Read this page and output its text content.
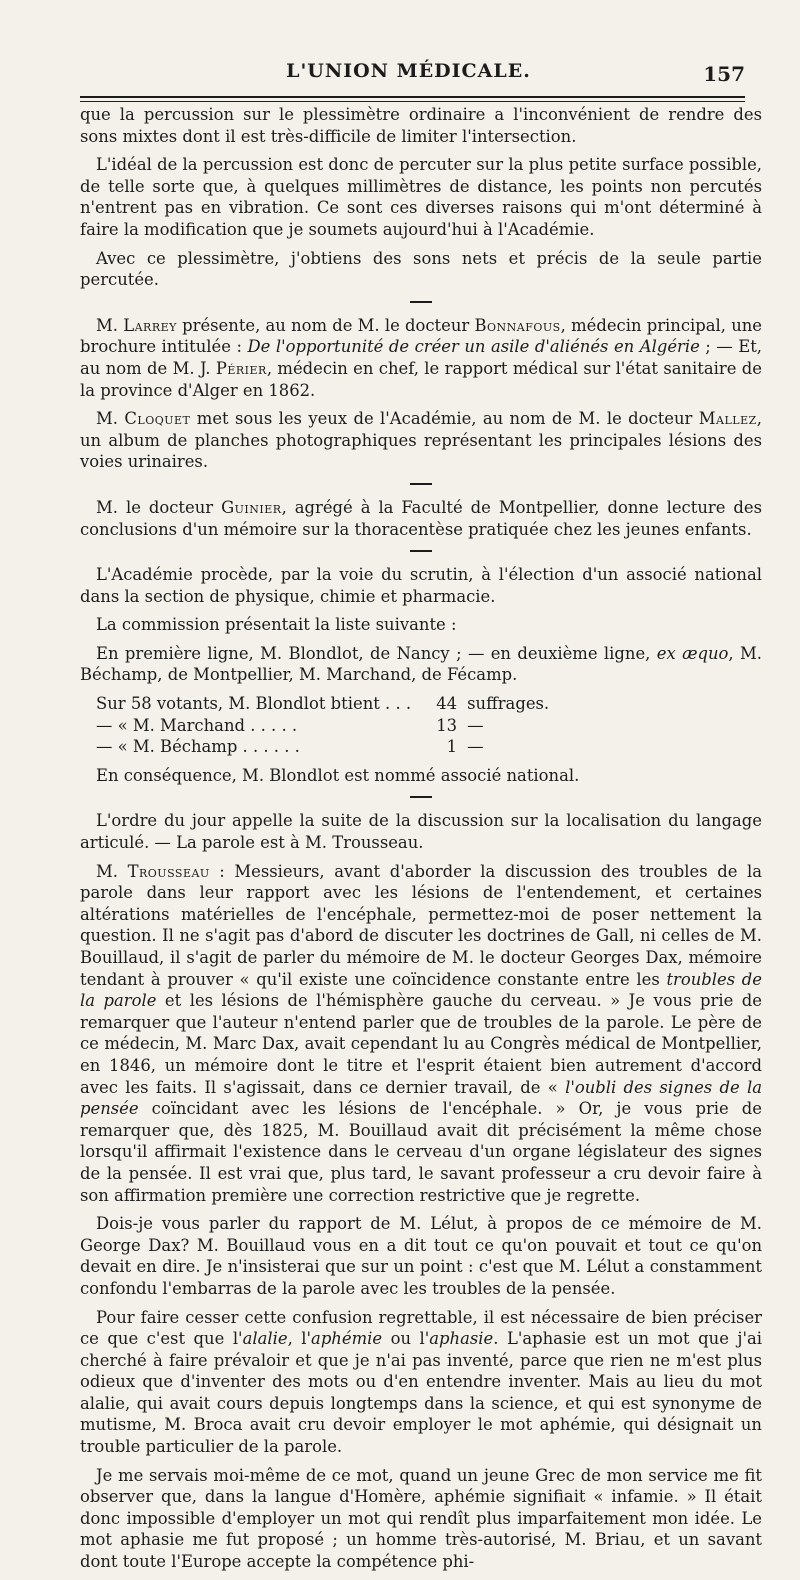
L'UNION MÉDICALE.	157

que la percussion sur le plessimètre ordinaire a l'inconvénient de rendre des sons mixtes dont il est très-difficile de limiter l'intersection.

L'idéal de la percussion est donc de percuter sur la plus petite surface possible, de telle sorte que, à quelques millimètres de distance, les points non percutés n'entrent pas en vibration. Ce sont ces diverses raisons qui m'ont déterminé à faire la modification que je soumets aujourd'hui à l'Académie.

Avec ce plessimètre, j'obtiens des sons nets et précis de la seule partie percutée.

M. Larrey présente, au nom de M. le docteur Bonnafous, médecin principal, une brochure intitulée : De l'opportunité de créer un asile d'aliénés en Algérie ; — Et, au nom de M. J. Périer, médecin en chef, le rapport médical sur l'état sanitaire de la province d'Alger en 1862.

M. Cloquet met sous les yeux de l'Académie, au nom de M. le docteur Mallez, un album de planches photographiques représentant les principales lésions des voies urinaires.

M. le docteur Guinier, agrégé à la Faculté de Montpellier, donne lecture des conclusions d'un mémoire sur la thoracentèse pratiquée chez les jeunes enfants.

L'Académie procède, par la voie du scrutin, à l'élection d'un associé national dans la section de physique, chimie et pharmacie.

La commission présentait la liste suivante :

En première ligne, M. Blondlot, de Nancy ; — en deuxième ligne, ex æquo, M. Béchamp, de Montpellier, M. Marchand, de Fécamp.

Sur 58 votants, M. Blondlot btient . . .	44	suffrages.
— « M. Marchand . . . . .	13	—
— « M. Béchamp . . . . . .	1	—

En conséquence, M. Blondlot est nommé associé national.

L'ordre du jour appelle la suite de la discussion sur la localisation du langage articulé. — La parole est à M. Trousseau.

M. Trousseau : Messieurs, avant d'aborder la discussion des troubles de la parole dans leur rapport avec les lésions de l'entendement, et certaines altérations matérielles de l'encéphale, permettez-moi de poser nettement la question. Il ne s'agit pas d'abord de discuter les doctrines de Gall, ni celles de M. Bouillaud, il s'agit de parler du mémoire de M. le docteur Georges Dax, mémoire tendant à prouver « qu'il existe une coïncidence constante entre les troubles de la parole et les lésions de l'hémisphère gauche du cerveau. » Je vous prie de remarquer que l'auteur n'entend parler que de troubles de la parole. Le père de ce médecin, M. Marc Dax, avait cependant lu au Congrès médical de Montpellier, en 1846, un mémoire dont le titre et l'esprit étaient bien autrement d'accord avec les faits. Il s'agissait, dans ce dernier travail, de « l'oubli des signes de la pensée coïncidant avec les lésions de l'encéphale. » Or, je vous prie de remarquer que, dès 1825, M. Bouillaud avait dit précisément la même chose lorsqu'il affirmait l'existence dans le cerveau d'un organe législateur des signes de la pensée. Il est vrai que, plus tard, le savant professeur a cru devoir faire à son affirmation première une correction restrictive que je regrette.

Dois-je vous parler du rapport de M. Lélut, à propos de ce mémoire de M. George Dax? M. Bouillaud vous en a dit tout ce qu'on pouvait et tout ce qu'on devait en dire. Je n'insisterai que sur un point : c'est que M. Lélut a constamment confondu l'embarras de la parole avec les troubles de la pensée.

Pour faire cesser cette confusion regrettable, il est nécessaire de bien préciser ce que c'est que l'alalie, l'aphémie ou l'aphasie. L'aphasie est un mot que j'ai cherché à faire prévaloir et que je n'ai pas inventé, parce que rien ne m'est plus odieux que d'inventer des mots ou d'en entendre inventer. Mais au lieu du mot alalie, qui avait cours depuis longtemps dans la science, et qui est synonyme de mutisme, M. Broca avait cru devoir employer le mot aphémie, qui désignait un trouble particulier de la parole.

Je me servais moi-même de ce mot, quand un jeune Grec de mon service me fit observer que, dans la langue d'Homère, aphémie signifiait « infamie. » Il était donc impossible d'employer un mot qui rendît plus imparfaitement mon idée. Le mot aphasie me fut proposé ; un homme très-autorisé, M. Briau, et un savant dont toute l'Europe accepte la compétence phi-
